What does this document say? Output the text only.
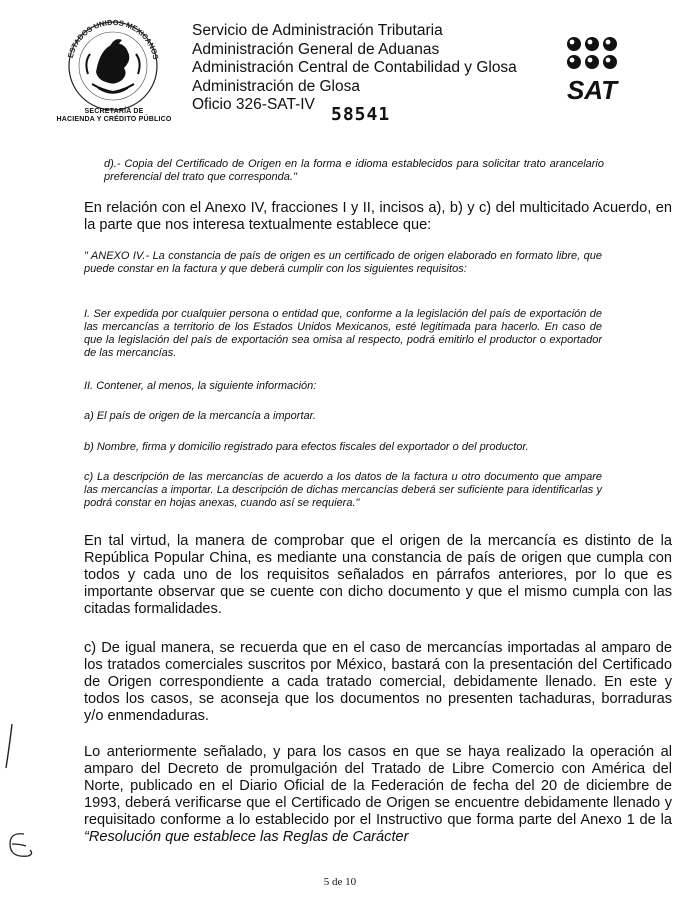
ESTADOS UNIDOS MEXICANOS
SECRETARÍA DE
HACIENDA Y CRÉDITO PÚBLICO
Servicio de Administración Tributaria
Administración General de Aduanas
Administración Central de Contabilidad y Glosa
Administración de Glosa
Oficio 326-SAT-IV 58541
SAT
d).- Copia del Certificado de Origen en la forma e idioma establecidos para solicitar trato arancelario preferencial del trato que corresponda."
En relación con el Anexo IV, fracciones I y II, incisos a), b) y c) del multicitado Acuerdo, en la parte que nos interesa textualmente establece que:
" ANEXO IV.- La constancia de país de origen es un certificado de origen elaborado en formato libre, que puede constar en la factura y que deberá cumplir con los siguientes requisitos:
I. Ser expedida por cualquier persona o entidad que, conforme a la legislación del país de exportación de las mercancías a territorio de los Estados Unidos Mexicanos, esté legitimada para hacerlo. En caso de que la legislación del país de exportación sea omisa al respecto, podrá emitirlo el productor o exportador de las mercancías.
II. Contener, al menos, la siguiente información:
a) El país de origen de la mercancía a importar.
b) Nombre, firma y domicilio registrado para efectos fiscales del exportador o del productor.
c) La descripción de las mercancías de acuerdo a los datos de la factura u otro documento que ampare las mercancías a importar. La descripción de dichas mercancías deberá ser suficiente para identificarlas y podrá constar en hojas anexas, cuando así se requiera."
En tal virtud, la manera de comprobar que el origen de la mercancía es distinto de la República Popular China, es mediante una constancia de país de origen que cumpla con todos y cada uno de los requisitos señalados en párrafos anteriores, por lo que es importante observar que se cuente con dicho documento y que el mismo cumpla con las citadas formalidades.
c) De igual manera, se recuerda que en el caso de mercancías importadas al amparo de los tratados comerciales suscritos por México, bastará con la presentación del Certificado de Origen correspondiente a cada tratado comercial, debidamente llenado. En este y todos los casos, se aconseja que los documentos no presenten tachaduras, borraduras y/o enmendaduras.
Lo anteriormente señalado, y para los casos en que se haya realizado la operación al amparo del Decreto de promulgación del Tratado de Libre Comercio con América del Norte, publicado en el Diario Oficial de la Federación de fecha del 20 de diciembre de 1993, deberá verificarse que el Certificado de Origen se encuentre debidamente llenado y requisitado conforme a lo establecido por el Instructivo que forma parte del Anexo 1 de la “Resolución que establece las Reglas de Carácter
5 de 10
